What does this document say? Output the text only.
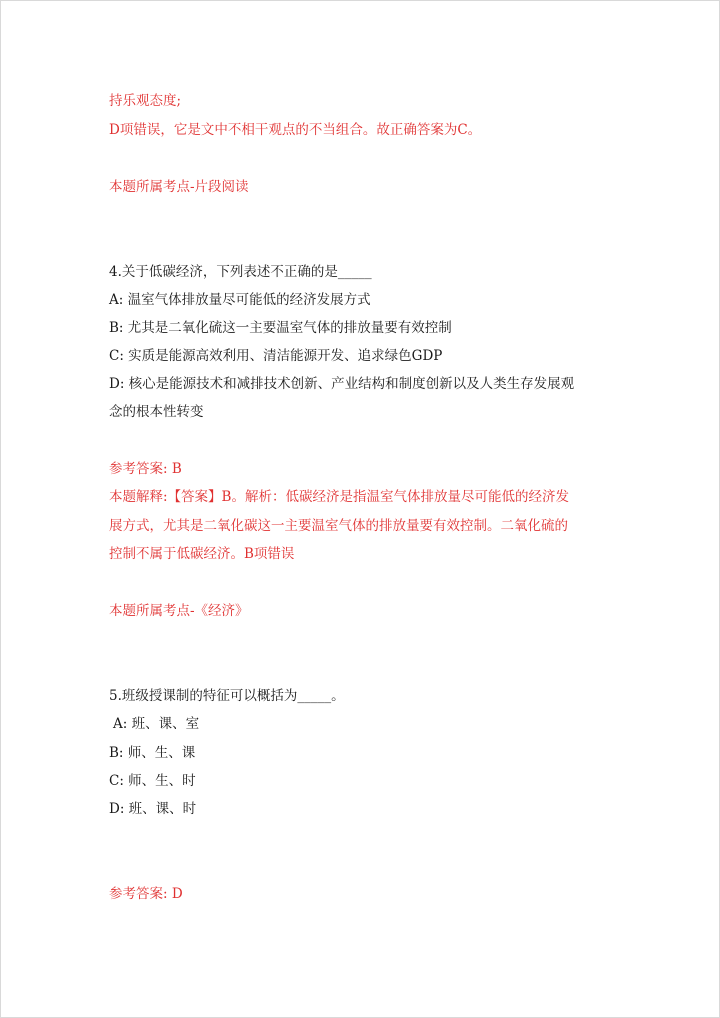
持乐观态度;
D项错误，它是文中不相干观点的不当组合。故正确答案为C。
本题所属考点-片段阅读
4.关于低碳经济，下列表述不正确的是_____
A: 温室气体排放量尽可能低的经济发展方式
B: 尤其是二氧化硫这一主要温室气体的排放量要有效控制
C: 实质是能源高效利用、清洁能源开发、追求绿色GDP
D: 核心是能源技术和减排技术创新、产业结构和制度创新以及人类生存发展观
念的根本性转变
参考答案: B
本题解释:【答案】B。解析：低碳经济是指温室气体排放量尽可能低的经济发
展方式，尤其是二氧化碳这一主要温室气体的排放量要有效控制。二氧化硫的
控制不属于低碳经济。B项错误
本题所属考点-《经济》
5.班级授课制的特征可以概括为_____。
A: 班、课、室
B: 师、生、课
C: 师、生、时
D: 班、课、时
参考答案: D
